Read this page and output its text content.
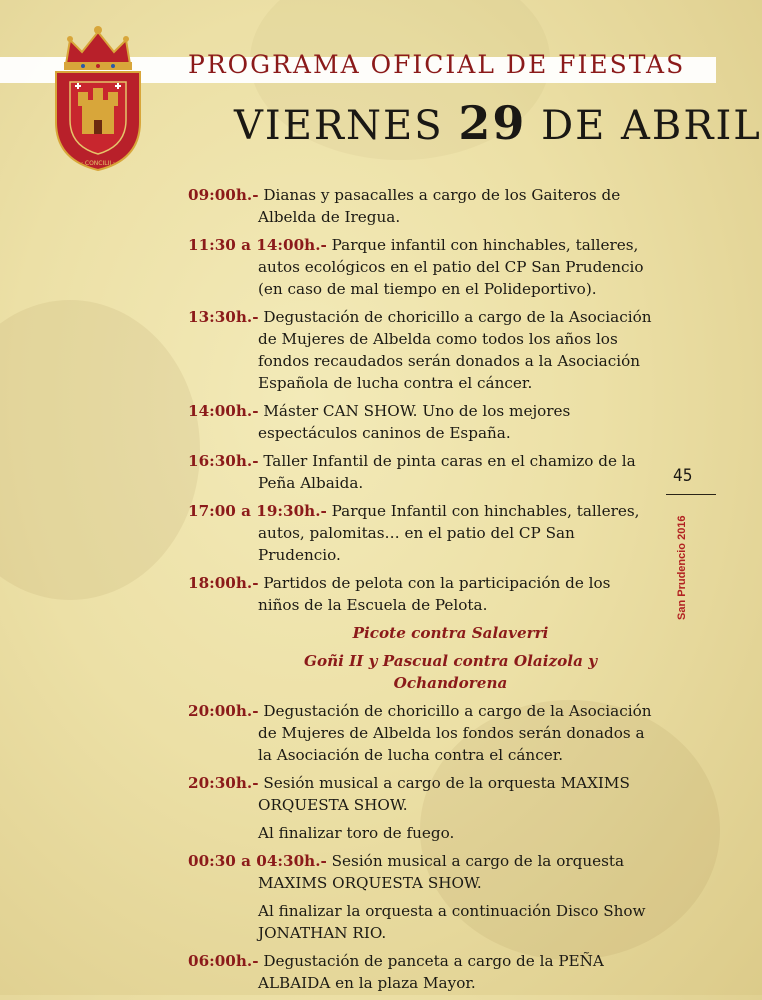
· CONCILII ·
PROGRAMA OFICIAL DE FIESTAS
VIERNES 29 DE ABRIL
09:00h.- Dianas y pasacalles a cargo de los Gaiteros de Albelda de Iregua.
11:30 a 14:00h.- Parque infantil con hinchables, talleres, autos ecológicos en el patio del CP San Prudencio (en caso de mal tiempo en el Polideportivo).
13:30h.- Degustación de choricillo a cargo de la Asociación de Mujeres de Albelda como todos los años los fondos recaudados serán donados a la Asociación Española de lucha contra el cáncer.
14:00h.- Máster CAN SHOW. Uno de los mejores espectáculos caninos de España.
16:30h.- Taller Infantil de pinta caras en el chamizo de la Peña Albaida.
17:00 a 19:30h.- Parque Infantil con hinchables, talleres, autos, palomitas… en el patio del CP San Prudencio.
18:00h.- Partidos de pelota con la participación de los niños de la Escuela de Pelota.
Picote contra Salaverri
Goñi II y Pascual contra Olaizola y Ochandorena
20:00h.- Degustación de choricillo a cargo de la Asociación de Mujeres de Albelda los fondos serán donados a la Asociación de lucha contra el cáncer.
20:30h.- Sesión musical a cargo de la orquesta MAXIMS ORQUESTA SHOW.
Al finalizar toro de fuego.
00:30 a 04:30h.- Sesión musical a cargo de la orquesta MAXIMS ORQUESTA SHOW.
Al finalizar la orquesta a continuación Disco Show JONATHAN RIO.
06:00h.- Degustación de panceta a cargo de la PEÑA ALBAIDA en la plaza Mayor.
45
San Prudencio 2016
